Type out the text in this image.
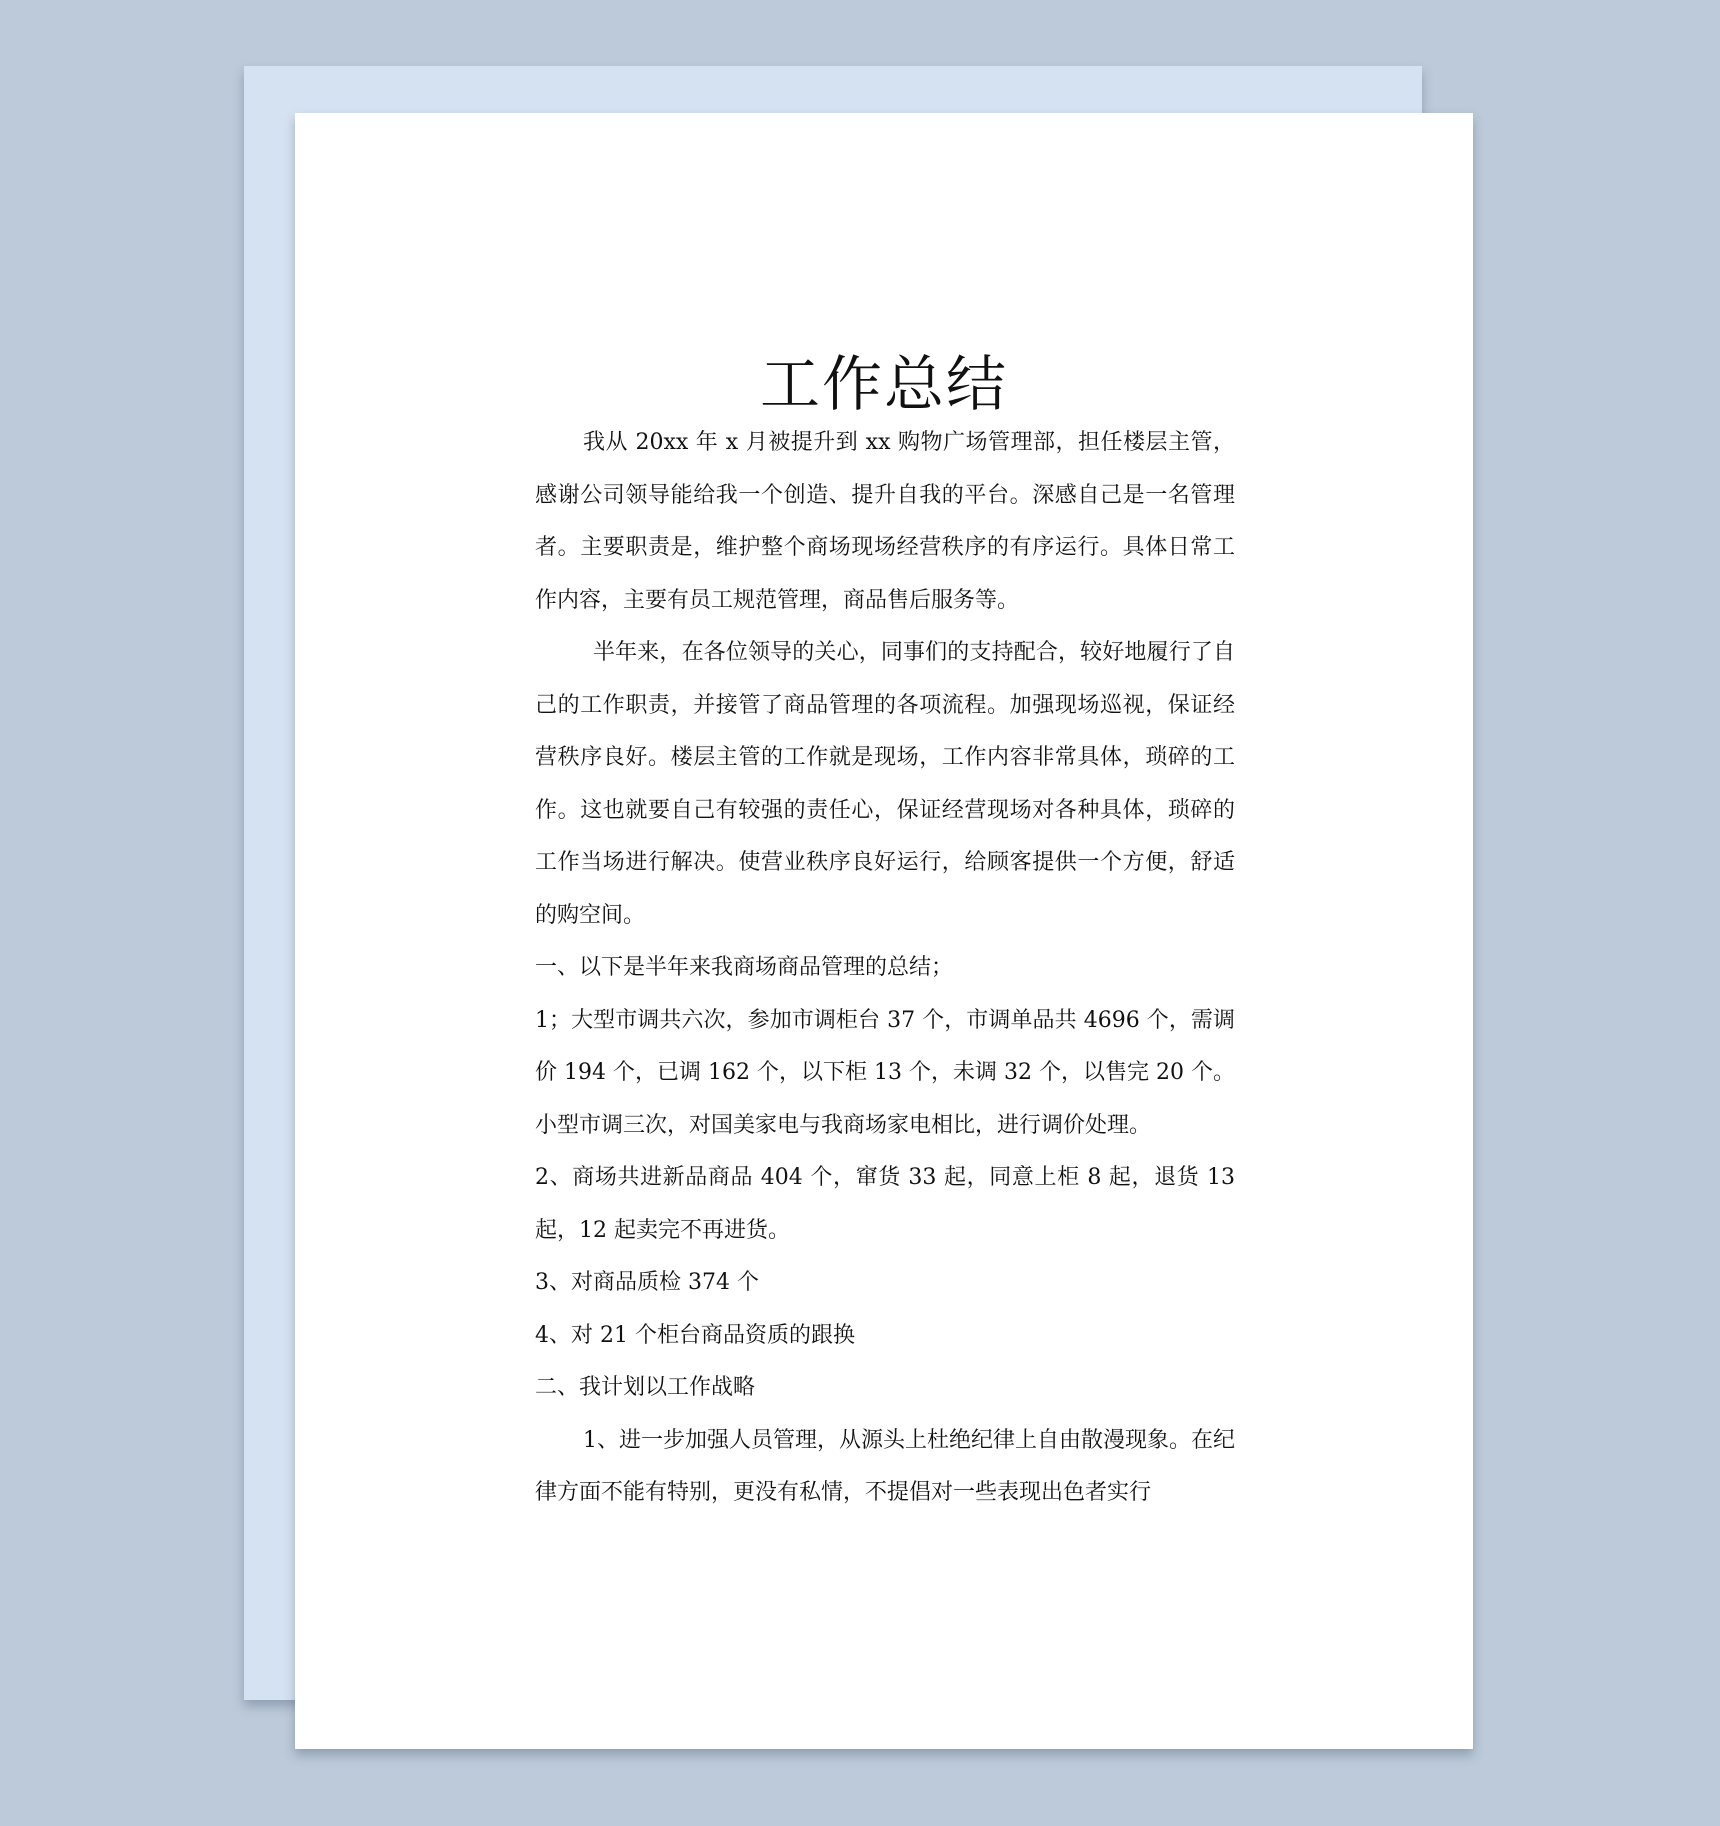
工作总结

我从 20xx 年 x 月被提升到 xx 购物广场管理部，担任楼层主管，感谢公司领导能给我一个创造、提升自我的平台。深感自己是一名管理者。主要职责是，维护整个商场现场经营秩序的有序运行。具体日常工作内容，主要有员工规范管理，商品售后服务等。

半年来，在各位领导的关心，同事们的支持配合，较好地履行了自己的工作职责，并接管了商品管理的各项流程。加强现场巡视，保证经营秩序良好。楼层主管的工作就是现场，工作内容非常具体，琐碎的工作。这也就要自己有较强的责任心，保证经营现场对各种具体，琐碎的工作当场进行解决。使营业秩序良好运行，给顾客提供一个方便，舒适的购空间。

一、以下是半年来我商场商品管理的总结；

1；大型市调共六次，参加市调柜台 37 个，市调单品共 4696 个，需调价 194 个，已调 162 个，以下柜 13 个，未调 32 个，以售完 20 个。小型市调三次，对国美家电与我商场家电相比，进行调价处理。

2、商场共进新品商品 404 个，窜货 33 起，同意上柜 8 起，退货 13 起，12 起卖完不再进货。

3、对商品质检 374 个

4、对 21 个柜台商品资质的跟换

二、我计划以工作战略

1、进一步加强人员管理，从源头上杜绝纪律上自由散漫现象。在纪律方面不能有特别，更没有私情，不提倡对一些表现出色者实行
